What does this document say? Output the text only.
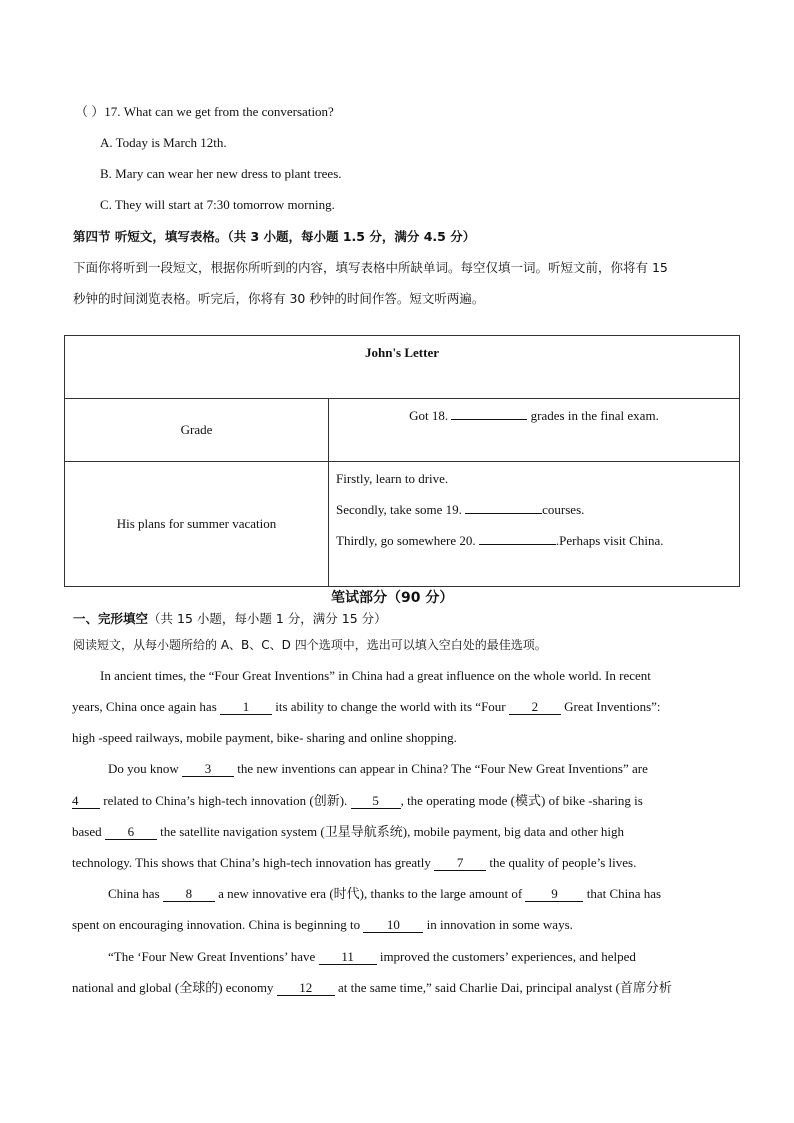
（ ）17. What can we get from the conversation?
A. Today is March 12th.
B. Mary can wear her new dress to plant trees.
C. They will start at 7:30 tomorrow morning.
第四节 听短文，填写表格。（共 3 小题，每小题 1.5 分，满分 4.5 分）
下面你将听到一段短文，根据你所听到的内容，填写表格中所缺单词。每空仅填一词。听短文前，你将有 15
秒钟的时间浏览表格。听完后，你将有 30 秒钟的时间作答。短文听两遍。
John's Letter	
Grade	Got 18. grades in the final exam.

His plans for summer vacation	Firstly, learn to drive.
Secondly, take some 19. courses.
Thirdly, go somewhere 20. .Perhaps visit China.
笔试部分（90 分）
一、完形填空（共 15 小题，每小题 1 分，满分 15 分）
阅读短文，从每小题所给的 A、B、C、D 四个选项中，选出可以填入空白处的最佳选项。
In ancient times, the “Four Great Inventions” in China had a great influence on the whole world. In recent
years, China once again has 1 its ability to change the world with its “Four 2 Great Inventions”:
high -speed railways, mobile payment, bike- sharing and online shopping.
Do you know 3 the new inventions can appear in China? The “Four New Great Inventions” are
4 related to China’s high-tech innovation (创新). 5 , the operating mode (模式) of bike -sharing is
based 6 the satellite navigation system (卫星导航系统), mobile payment, big data and other high
technology. This shows that China’s high-tech innovation has greatly 7 the quality of people’s lives.
China has 8 a new innovative era (时代), thanks to the large amount of 9 that China has
spent on encouraging innovation. China is beginning to 10 in innovation in some ways.
“The ‘Four New Great Inventions’ have 11 improved the customers’ experiences, and helped
national and global (全球的) economy 12 at the same time,” said Charlie Dai, principal analyst (首席分析
